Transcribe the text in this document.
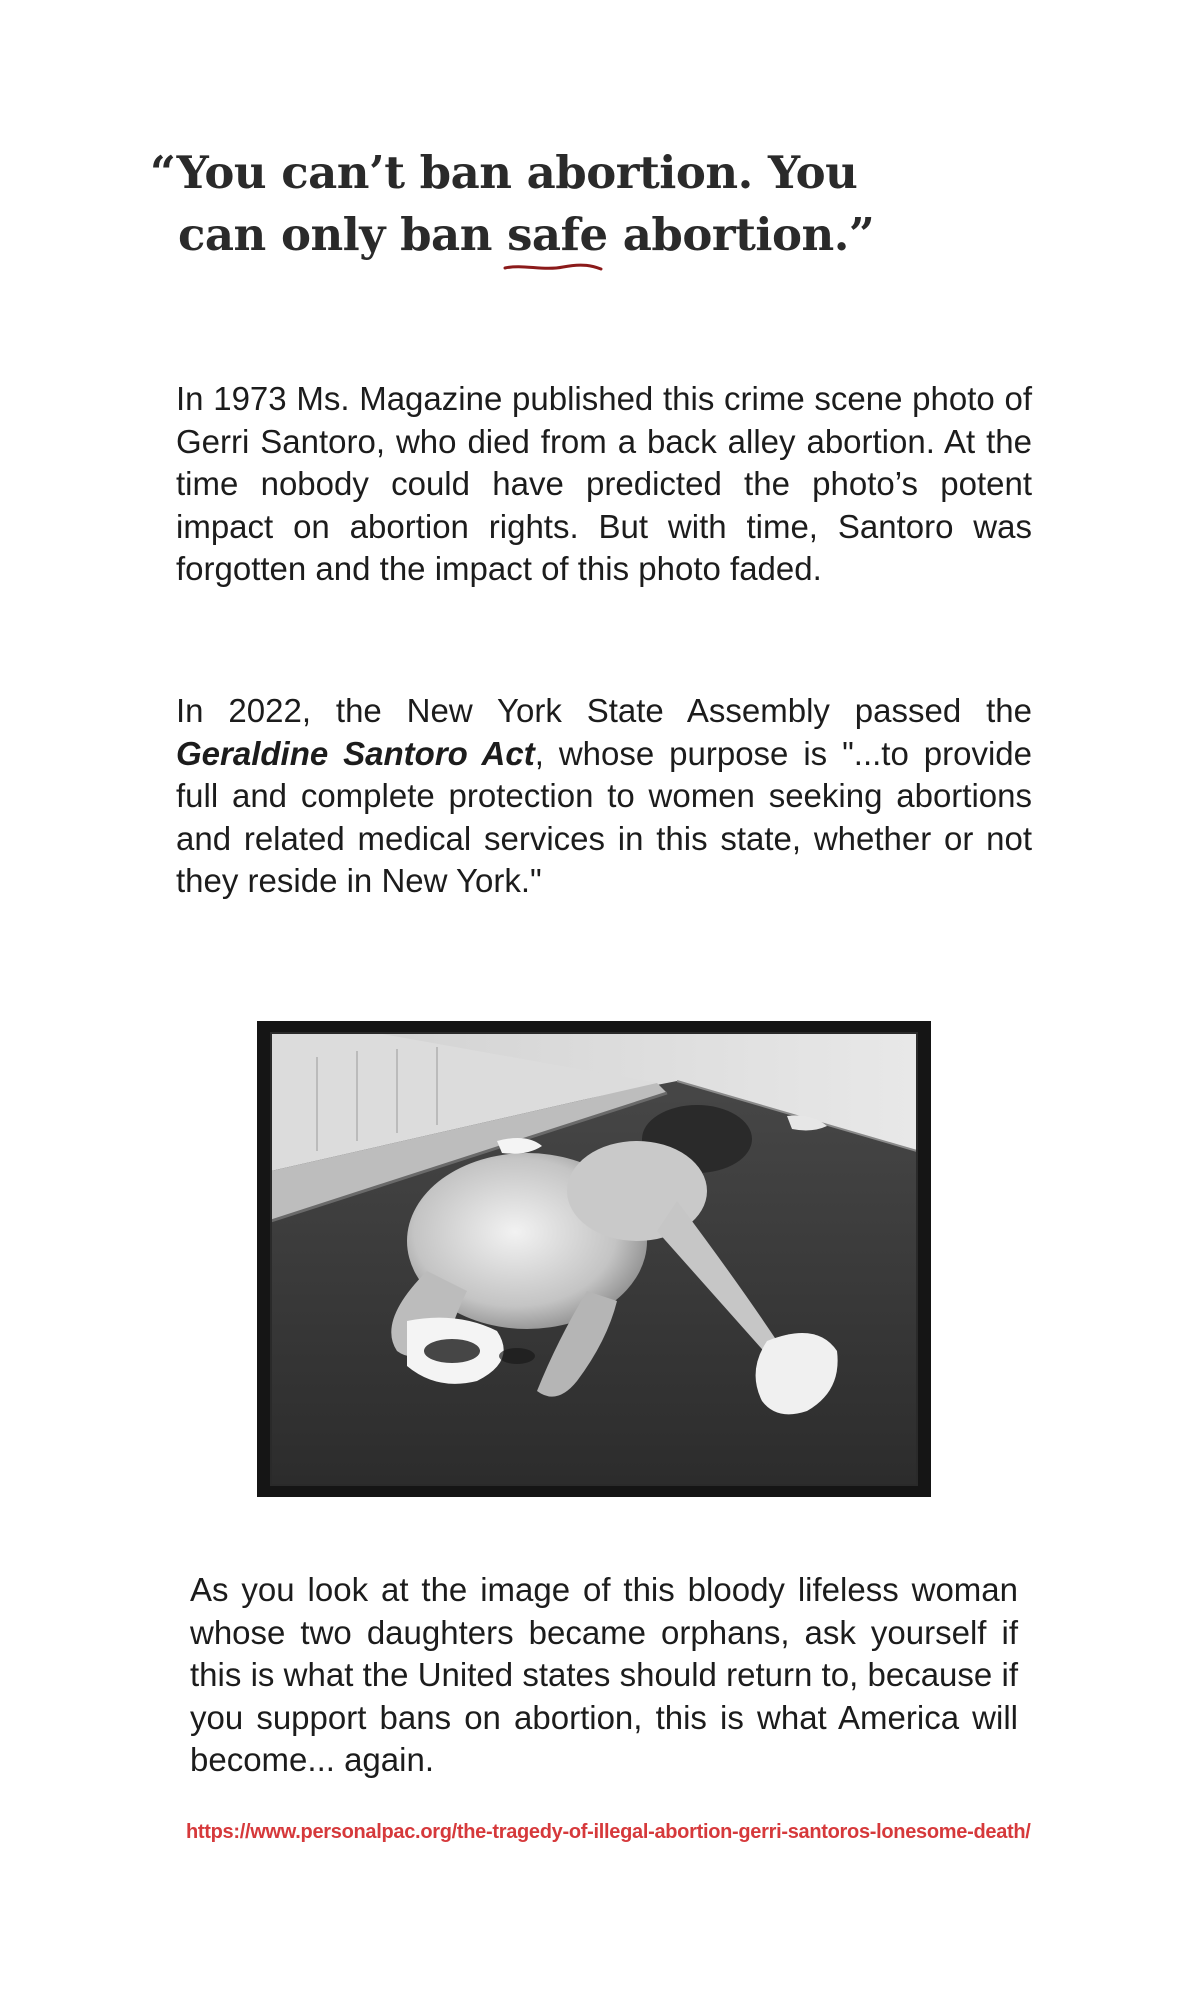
“You can’t ban abortion. You
can only ban safe
abortion.”

In 1973 Ms. Magazine published this crime scene photo of Gerri Santoro, who died from a back alley abortion. At the time nobody could have predicted the photo’s potent impact on abortion rights. But with time, Santoro was forgotten and the impact of this photo faded.

In 2022, the New York State Assembly passed the Geraldine Santoro Act, whose purpose is "...to provide full and complete protection to women seeking abortions and related medical services in this state, whether or not they reside in New York."

As you look at the image of this bloody lifeless woman whose two daughters became orphans, ask yourself if this is what the United states should return to, because if you support bans on abortion, this is what America will become... again.

https://www.personalpac.org/the-tragedy-of-illegal-abortion-gerri-santoros-lonesome-death/
